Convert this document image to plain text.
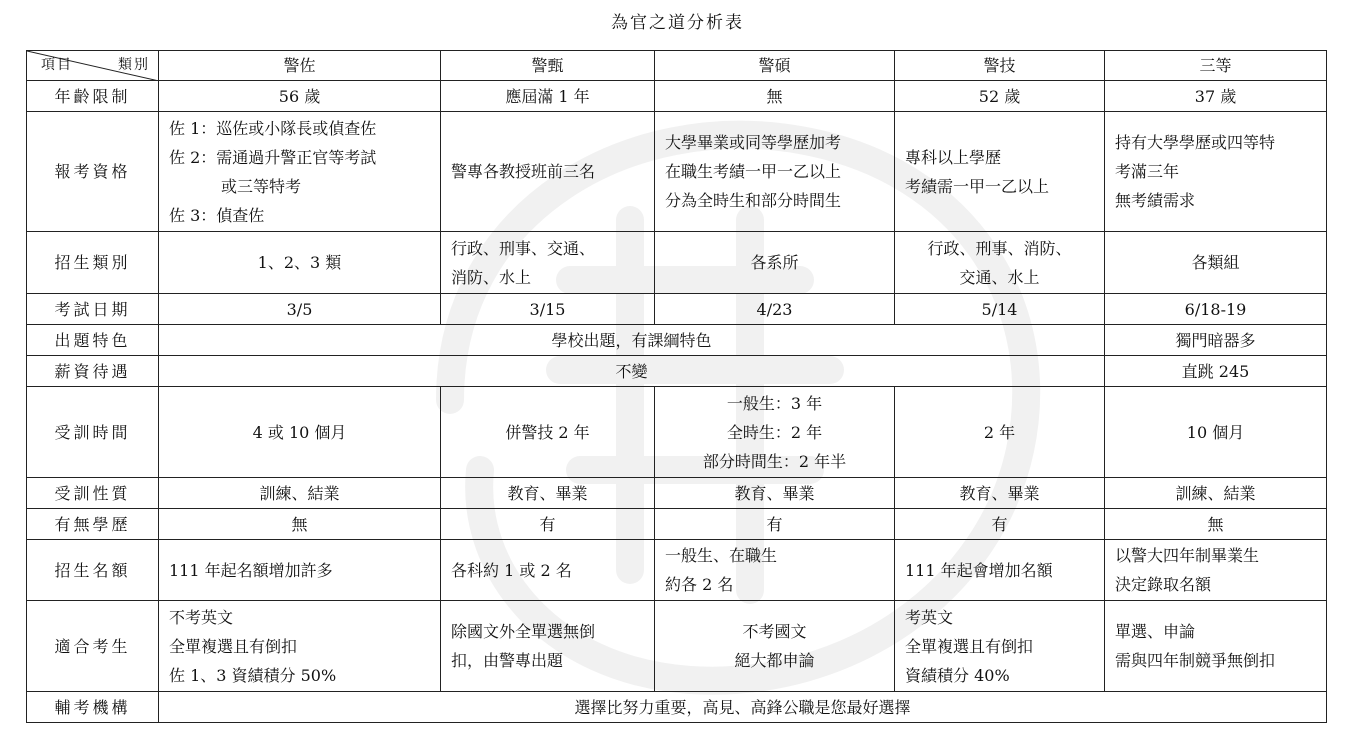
為官之道分析表
項目 類別	警佐	警甄	警碩	警技	三等
年齡限制	56 歲	應屆滿 1 年	無	52 歲	37 歲
報考資格	佐 1：巡佐或小隊長或偵查佐
佐 2：需通過升警正官等考試
或三等特考
佐 3：偵查佐	警專各教授班前三名	大學畢業或同等學歷加考
在職生考績一甲一乙以上
分為全時生和部分時間生	專科以上學歷
考績需一甲一乙以上	持有大學學歷或四等特
考滿三年
無考績需求

招生類別	1、2、3 類	行政、刑事、交通、
消防、水上	各系所	行政、刑事、消防、
交通、水上	各類組

考試日期	3/5	3/15	4/23	5/14	6/18-19
出題特色	學校出題，有課綱特色				獨門暗器多
薪資待遇	不變				直跳 245
受訓時間	4 或 10 個月	併警技 2 年	一般生：3 年
全時生：2 年
部分時間生：2 年半	2 年	10 個月

受訓性質	訓練、結業	教育、畢業	教育、畢業	教育、畢業	訓練、結業
有無學歷	無	有	有	有	無
招生名額	111 年起名額增加許多	各科約 1 或 2 名	一般生、在職生
約各 2 名	111 年起會增加名額	以警大四年制畢業生
決定錄取名額

適合考生	不考英文
全單複選且有倒扣
佐 1、3 資績積分 50%	除國文外全單選無倒
扣，由警專出題	不考國文
絕大都申論	考英文
全單複選且有倒扣
資績積分 40%	單選、申論
需與四年制競爭無倒扣

輔考機構	選擇比努力重要，高見、高鋒公職是您最好選擇				
